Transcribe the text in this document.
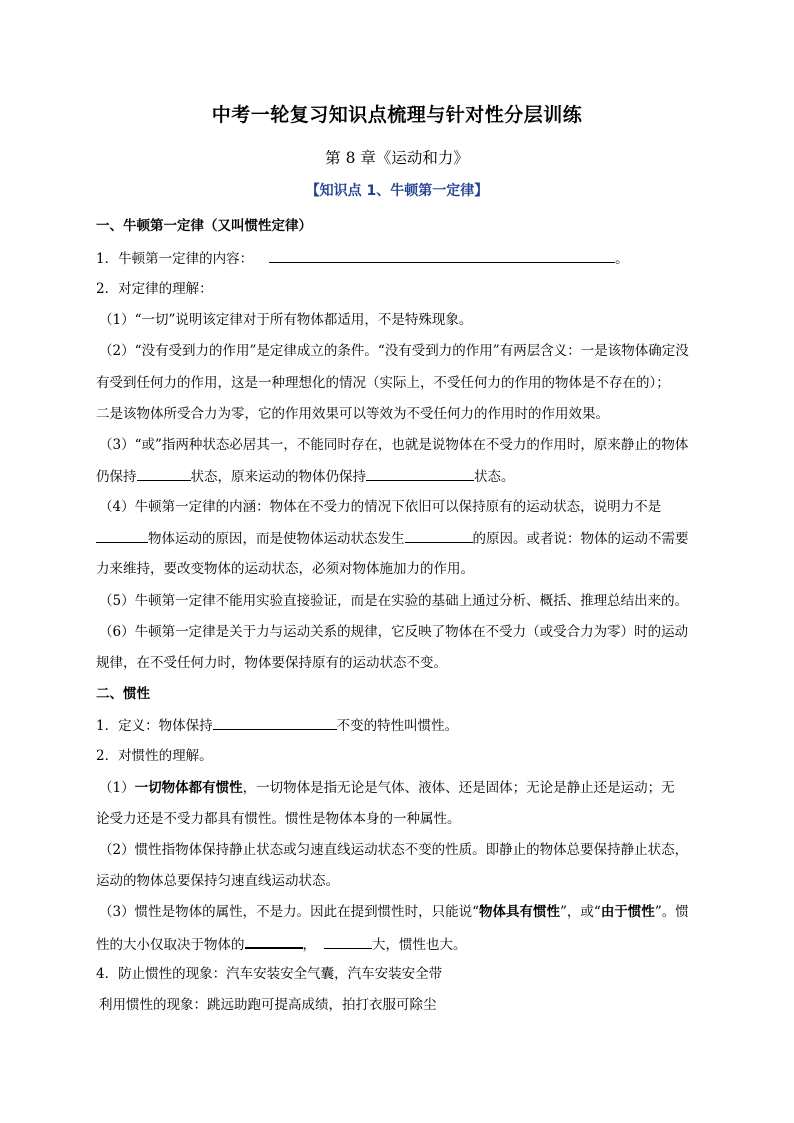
中考一轮复习知识点梳理与针对性分层训练
第 8 章《运动和力》
【知识点 1、牛顿第一定律】
一、牛顿第一定律（又叫惯性定律）
1．牛顿第一定律的内容：	。
2．对定律的理解：
（1）“一切”说明该定律对于所有物体都适用，不是特殊现象。
（2）“没有受到力的作用”是定律成立的条件。“没有受到力的作用”有两层含义：一是该物体确定没
有受到任何力的作用，这是一种理想化的情况（实际上，不受任何力的作用的物体是不存在的）；
二是该物体所受合力为零，它的作用效果可以等效为不受任何力的作用时的作用效果。
（3）“或”指两种状态必居其一，不能同时存在，也就是说物体在不受力的作用时，原来静止的物体
仍保持	状态，原来运动的物体仍保持	状态。
（4）牛顿第一定律的内涵：物体在不受力的情况下依旧可以保持原有的运动状态，说明力不是
物体运动的原因，而是使物体运动状态发生	的原因。或者说：物体的运动不需要
力来维持，要改变物体的运动状态，必须对物体施加力的作用。
（5）牛顿第一定律不能用实验直接验证，而是在实验的基础上通过分析、概括、推理总结出来的。
（6）牛顿第一定律是关于力与运动关系的规律，它反映了物体在不受力（或受合力为零）时的运动
规律，在不受任何力时，物体要保持原有的运动状态不变。
二、惯性
1．定义：物体保持	不变的特性叫惯性。
2．对惯性的理解。
（1）一切物体都有惯性，一切物体是指无论是气体、液体、还是固体；无论是静止还是运动；无
论受力还是不受力都具有惯性。惯性是物体本身的一种属性。
（2）惯性指物体保持静止状态或匀速直线运动状态不变的性质。即静止的物体总要保持静止状态，
运动的物体总要保持匀速直线运动状态。
（3）惯性是物体的属性，不是力。因此在提到惯性时，只能说“物体具有惯性”，或“由于惯性”。惯
性的大小仅取决于物体的	，	大，惯性也大。
4．防止惯性的现象：汽车安装安全气囊，汽车安装安全带
利用惯性的现象：跳远助跑可提高成绩，拍打衣服可除尘
